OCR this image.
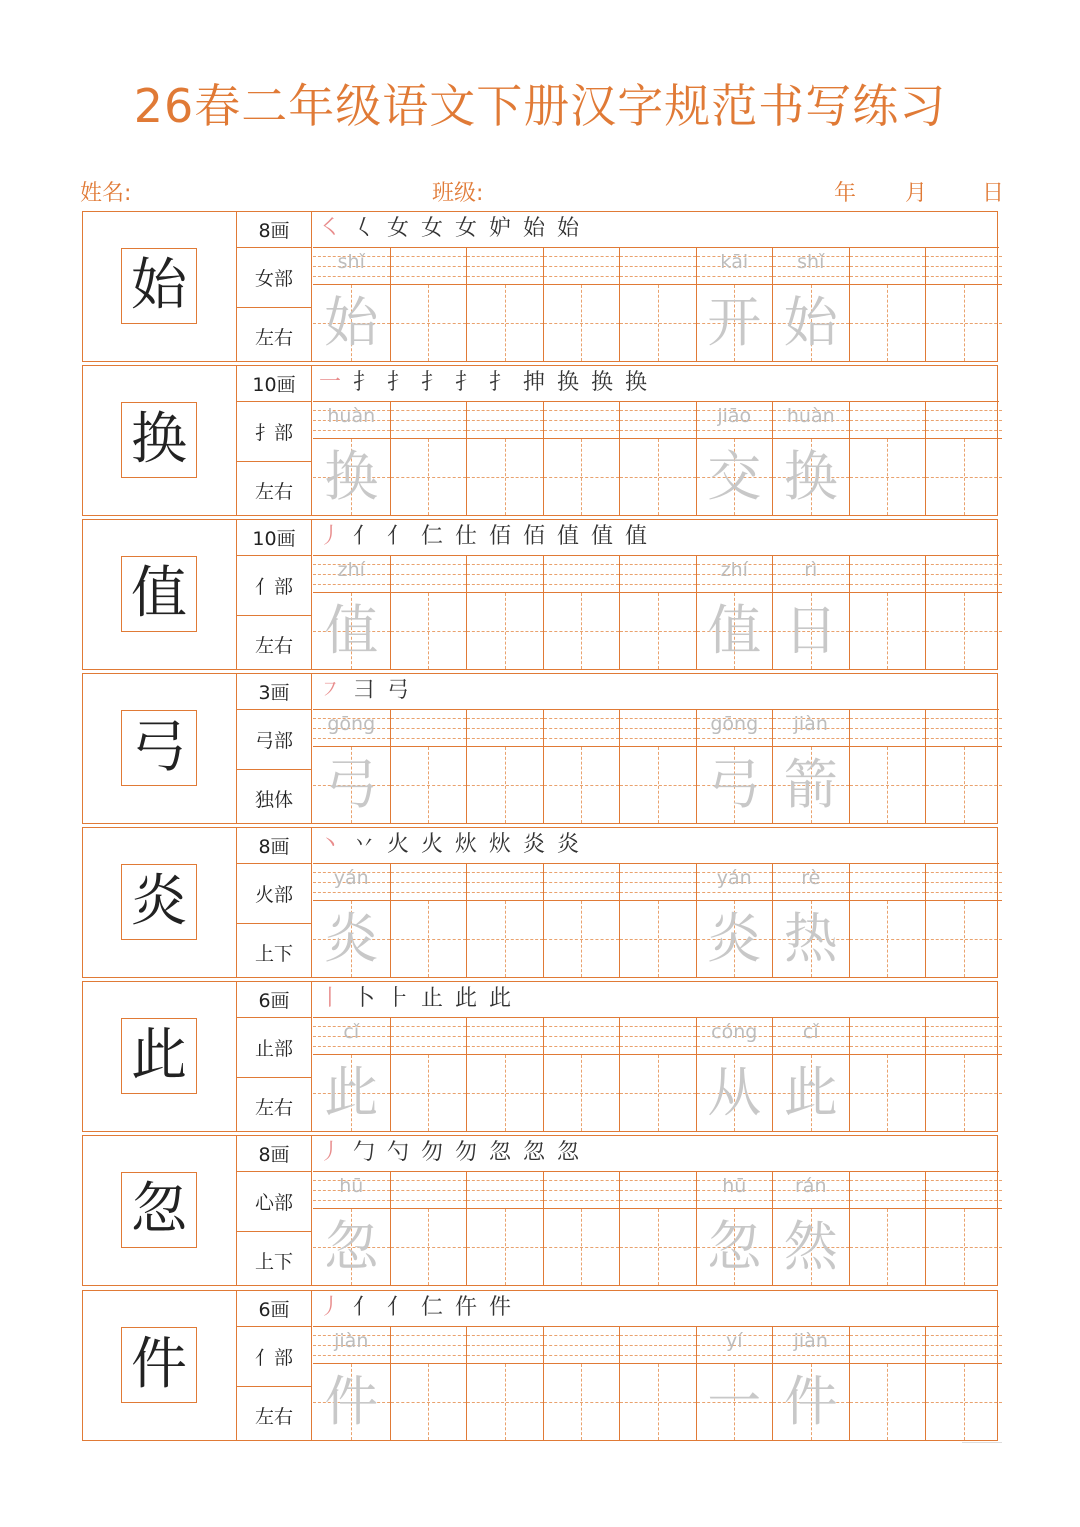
26春二年级语文下册汉字规范书写练习
姓名:	班级:	年 月 日
始
8画
女部
左右
㇛ 𡿨 女 女 女 妒 始 始
shǐ
始
kāi
开
shǐ
始
换
10画
扌部
左右
一 扌 扌 扌 扌 扌 抻 换 换 换
huàn
换
jiāo
交
huàn
换
值
10画
亻部
左右
丿 亻 亻 仁 仕 佰 佰 值 值 值
zhí
值
zhí
值
rì
日
弓
3画
弓部
独体
㇇ ⺕ 弓
gōng
弓
gōng
弓
jiàn
箭
炎
8画
火部
上下
丶 丷 火 火 炏 炏 炎 炎
yán
炎
yán
炎
rè
热
此
6画
止部
左右
丨 卜 ⺊ 止 此 此
cǐ
此
cóng
从
cǐ
此
忽
8画
心部
上下
丿 勹 勺 勿 勿 忽 忽 忽
hū
忽
hū
忽
rán
然
件
6画
亻部
左右
丿 亻 亻 仁 仵 件
jiàn
件
yí
一
jiàn
件
